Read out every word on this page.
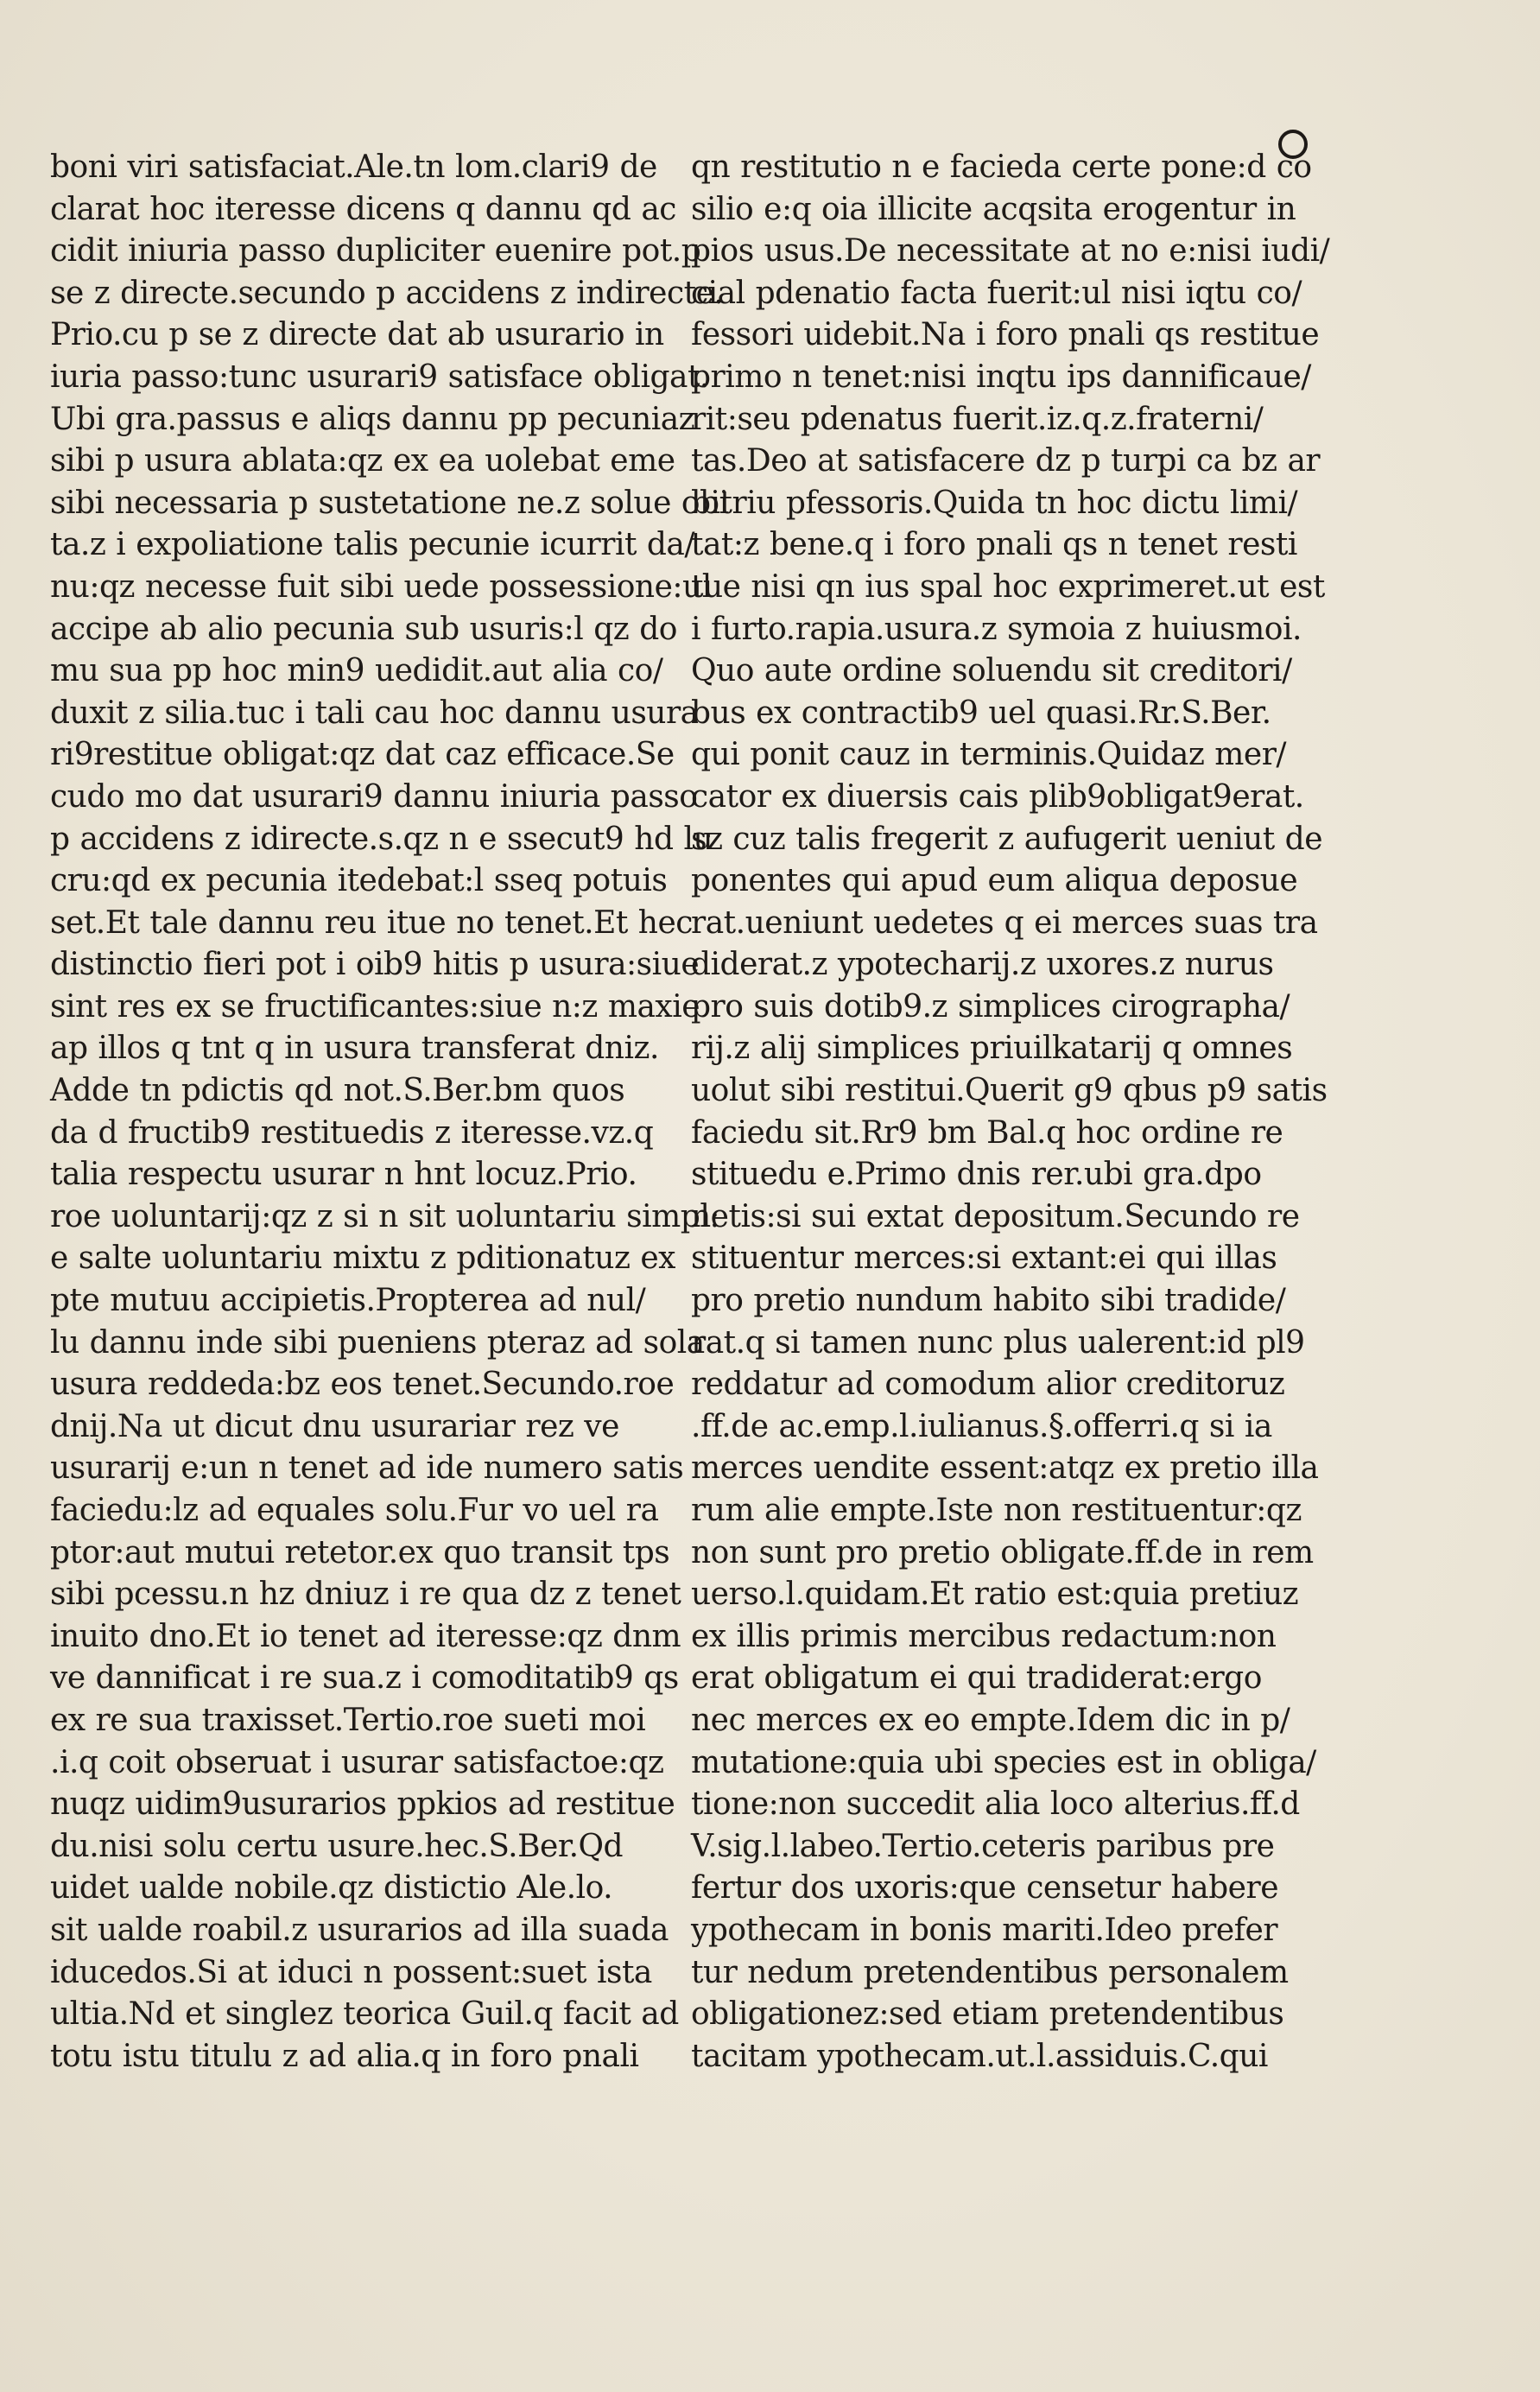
boni viri satisfaciat.Ale.tn lom.clari9 de
clarat hoc iteresse dicens q dannu qd ac
cidit iniuria passo dupliciter euenire pot.p
se z directe.secundo p accidens z indirecte.
Prio.cu p se z directe dat ab usurario in
iuria passo:tunc usurari9 satisface obligat.
Ubi gra.passus e aliqs dannu pp pecuniaz
sibi p usura ablata:qz ex ea uolebat eme
sibi necessaria p sustetatione ne.z solue obi
ta.z i expoliatione talis pecunie icurrit da/
nu:qz necesse fuit sibi uede possessione:ul
accipe ab alio pecunia sub usuris:l qz do
mu sua pp hoc min9 uedidit.aut alia co/
duxit z silia.tuc i tali cau hoc dannu usura
ri9restitue obligat:qz dat caz efficace.Se
cudo mo dat usurari9 dannu iniuria passo
p accidens z idirecte.s.qz n e ssecut9 hd lu
cru:qd ex pecunia itedebat:l sseq potuis
set.Et tale dannu reu itue no tenet.Et hec
distinctio fieri pot i oib9 hitis p usura:siue
sint res ex se fructificantes:siue n:z maxie
ap illos q tnt q in usura transferat dniz.
Adde tn pdictis qd not.S.Ber.bm quos
da d fructib9 restituedis z iteresse.vz.q
talia respectu usurar n hnt locuz.Prio.
roe uoluntarij:qz z si n sit uoluntariu simpl:
e salte uoluntariu mixtu z pditionatuz ex
pte mutuu accipietis.Propterea ad nul/
lu dannu inde sibi pueniens pteraz ad sola
usura reddeda:bz eos tenet.Secundo.roe
dnij.Na ut dicut dnu usurariar rez ve
usurarij e:un n tenet ad ide numero satis
faciedu:lz ad equales solu.Fur vo uel ra
ptor:aut mutui retetor.ex quo transit tps
sibi pcessu.n hz dniuz i re qua dz z tenet
inuito dno.Et io tenet ad iteresse:qz dnm
ve dannificat i re sua.z i comoditatib9 qs
ex re sua traxisset.Tertio.roe sueti moi
.i.q coit obseruat i usurar satisfactoe:qz
nuqz uidim9usurarios ppkios ad restitue
du.nisi solu certu usure.hec.S.Ber.Qd
uidet ualde nobile.qz distictio Ale.lo.
sit ualde roabil.z usurarios ad illa suada
iducedos.Si at iduci n possent:suet ista
ultia.Nd et singlez teorica Guil.q facit ad
totu istu titulu z ad alia.q in foro pnali
qn restitutio n e facieda certe pone:d co
silio e:q oia illicite acqsita erogentur in
pios usus.De necessitate at no e:nisi iudi/
cial pdenatio facta fuerit:ul nisi iqtu co/
fessori uidebit.Na i foro pnali qs restitue
primo n tenet:nisi inqtu ips dannificaue/
rit:seu pdenatus fuerit.iz.q.z.fraterni/
tas.Deo at satisfacere dz p turpi ca bz ar
bitriu pfessoris.Quida tn hoc dictu limi/
tat:z bene.q i foro pnali qs n tenet resti
tue nisi qn ius spal hoc exprimeret.ut est
i furto.rapia.usura.z symoia z huiusmoi.
Quo aute ordine soluendu sit creditori/
bus ex contractib9 uel quasi.Rr.S.Ber.
qui ponit cauz in terminis.Quidaz mer/
cator ex diuersis cais plib9obligat9erat.
sz cuz talis fregerit z aufugerit ueniut de
ponentes qui apud eum aliqua deposue
rat.ueniunt uedetes q ei merces suas tra
diderat.z ypotecharij.z uxores.z nurus
pro suis dotib9.z simplices cirographa/
rij.z alij simplices priuilkatarij q omnes
uolut sibi restitui.Querit g9 qbus p9 satis
faciedu sit.Rr9 bm Bal.q hoc ordine re
stituedu e.Primo dnis rer.ubi gra.dpo
netis:si sui extat depositum.Secundo re
stituentur merces:si extant:ei qui illas
pro pretio nundum habito sibi tradide/
rat.q si tamen nunc plus ualerent:id pl9
reddatur ad comodum alior creditoruz
.ff.de ac.emp.l.iulianus.§.offerri.q si ia
merces uendite essent:atqz ex pretio illa
rum alie empte.Iste non restituentur:qz
non sunt pro pretio obligate.ff.de in rem
uerso.l.quidam.Et ratio est:quia pretiuz
ex illis primis mercibus redactum:non
erat obligatum ei qui tradiderat:ergo
nec merces ex eo empte.Idem dic in p/
mutatione:quia ubi species est in obliga/
tione:non succedit alia loco alterius.ff.d
V.sig.l.labeo.Tertio.ceteris paribus pre
fertur dos uxoris:que censetur habere
ypothecam in bonis mariti.Ideo prefer
tur nedum pretendentibus personalem
obligationez:sed etiam pretendentibus
tacitam ypothecam.ut.l.assiduis.C.qui
